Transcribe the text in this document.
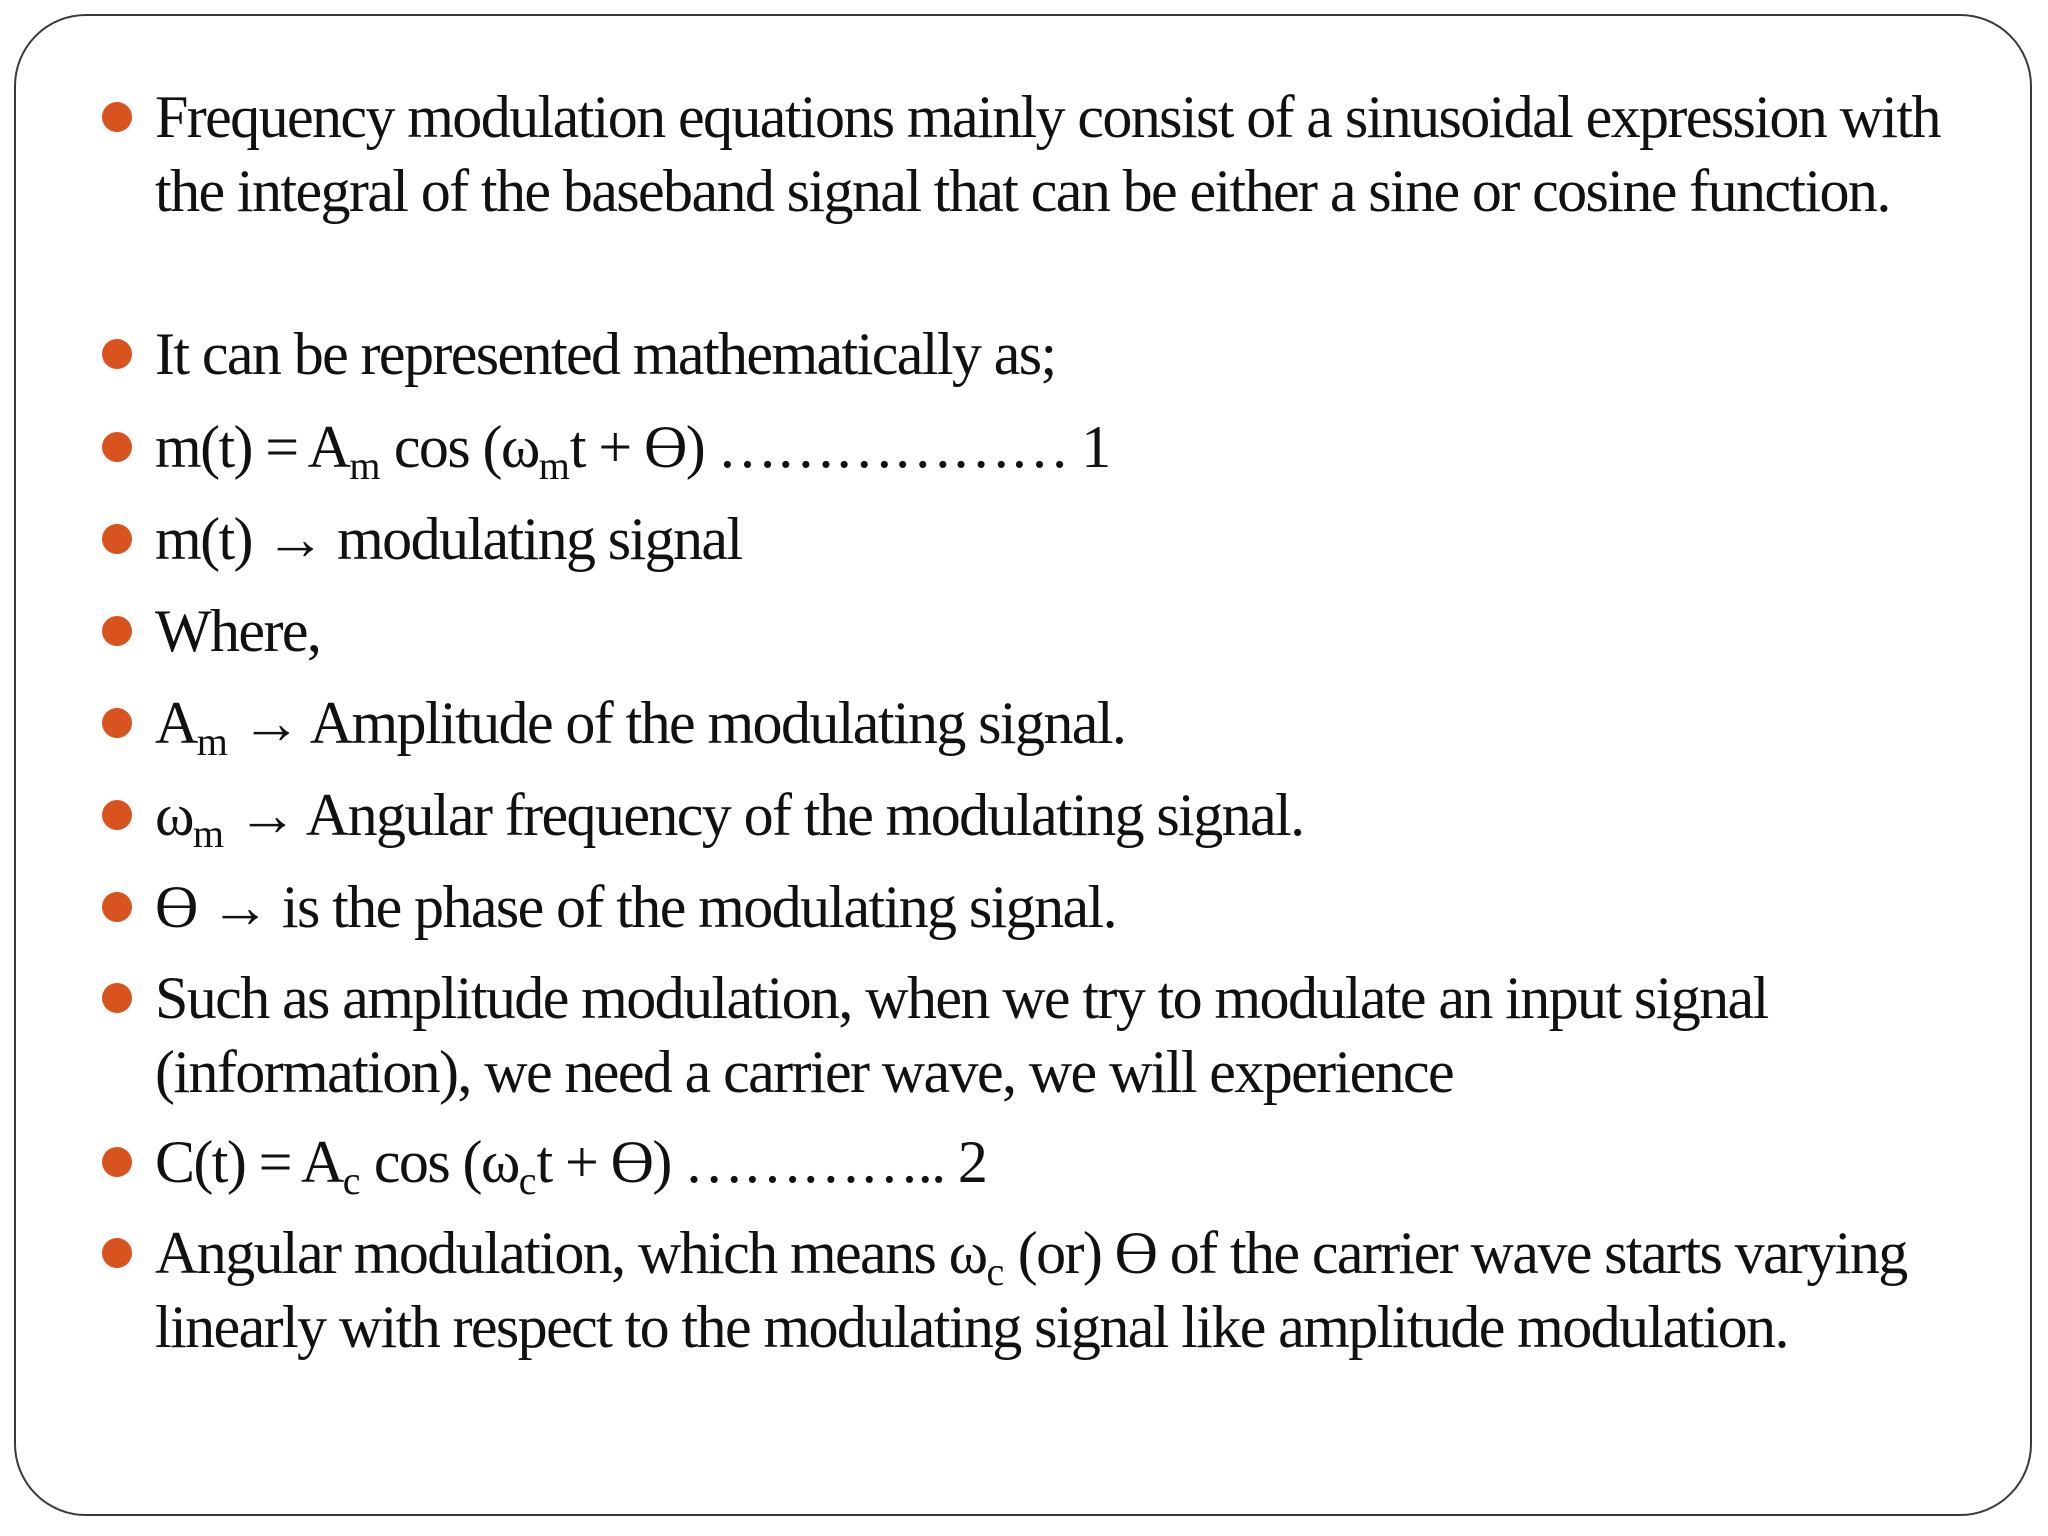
Frequency modulation equations mainly consist of a sinusoidal expression with the integral of the baseband signal that can be either a sine or cosine function.
It can be represented mathematically as;
$m(t) = A_m$ $\cos (\omega_mt + ϴ)$ ……………… 1
m(t) → modulating signal
Where,
$A_m$ → Amplitude of the modulating signal.
$\omega_m$ → Angular frequency of the modulating signal.
ϴ → is the phase of the modulating signal.
Such as amplitude modulation, when we try to modulate an input signal (information), we need a carrier wave, we will experience
$C(t) = A_c$ $\cos (\omega_ct + ϴ)$ ………….. 2
Angular modulation, which means $\omega_c$ (or) ϴ of the carrier wave starts varying linearly with respect to the modulating signal like amplitude modulation.
